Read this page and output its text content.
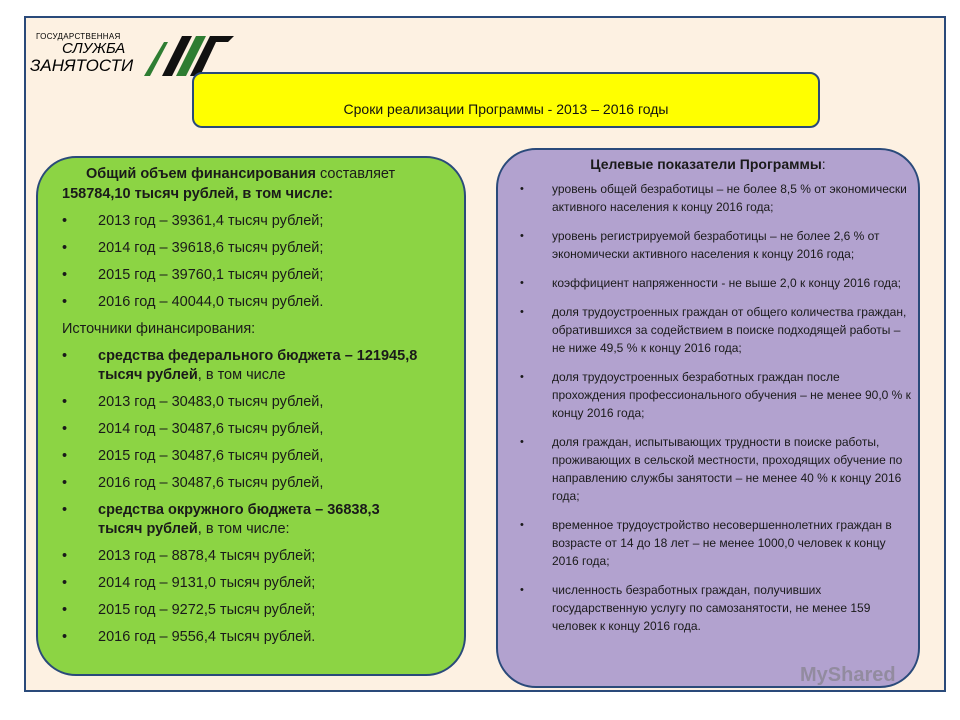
ГОСУДАРСТВЕННАЯ
СЛУЖБА
ЗАНЯТОСТИ
Сроки реализации Программы - 2013 – 2016 годы
Общий объем финансирования составляет
158784,10 тысяч рублей, в том числе:
• 2013 год – 39361,4 тысяч рублей;
• 2014 год – 39618,6 тысяч рублей;
• 2015 год – 39760,1 тысяч рублей;
• 2016 год – 40044,0 тысяч рублей.
Источники финансирования:
• средства федерального бюджета – 121945,8 тысяч рублей, в том числе
• 2013 год – 30483,0 тысяч рублей,
• 2014 год – 30487,6 тысяч рублей,
• 2015 год – 30487,6 тысяч рублей,
• 2016 год – 30487,6 тысяч рублей,
• средства окружного бюджета – 36838,3 тысяч рублей, в том числе:
• 2013 год – 8878,4 тысяч рублей;
• 2014 год – 9131,0 тысяч рублей;
• 2015 год – 9272,5 тысяч рублей;
• 2016 год – 9556,4 тысяч рублей.
Целевые показатели Программы:
• уровень общей безработицы – не более 8,5 % от экономически активного населения к концу 2016 года;
• уровень регистрируемой безработицы – не более 2,6 % от экономически активного населения к концу 2016 года;
• коэффициент напряженности - не выше 2,0 к концу 2016 года;
• доля трудоустроенных граждан от общего количества граждан, обратившихся за содействием в поиске подходящей работы – не ниже 49,5 % к концу 2016 года;
• доля трудоустроенных безработных граждан после прохождения профессионального обучения – не менее 90,0 % к концу 2016 года;
• доля граждан, испытывающих трудности в поиске работы, проживающих в сельской местности, проходящих обучение по направлению службы занятости – не менее 40 % к концу 2016 года;
• временное трудоустройство несовершеннолетних граждан в возрасте от 14 до 18 лет – не менее 1000,0 человек к концу 2016 года;
• численность безработных граждан, получивших государственную услугу по самозанятости, не менее 159 человек к концу 2016 года.
MyShared
